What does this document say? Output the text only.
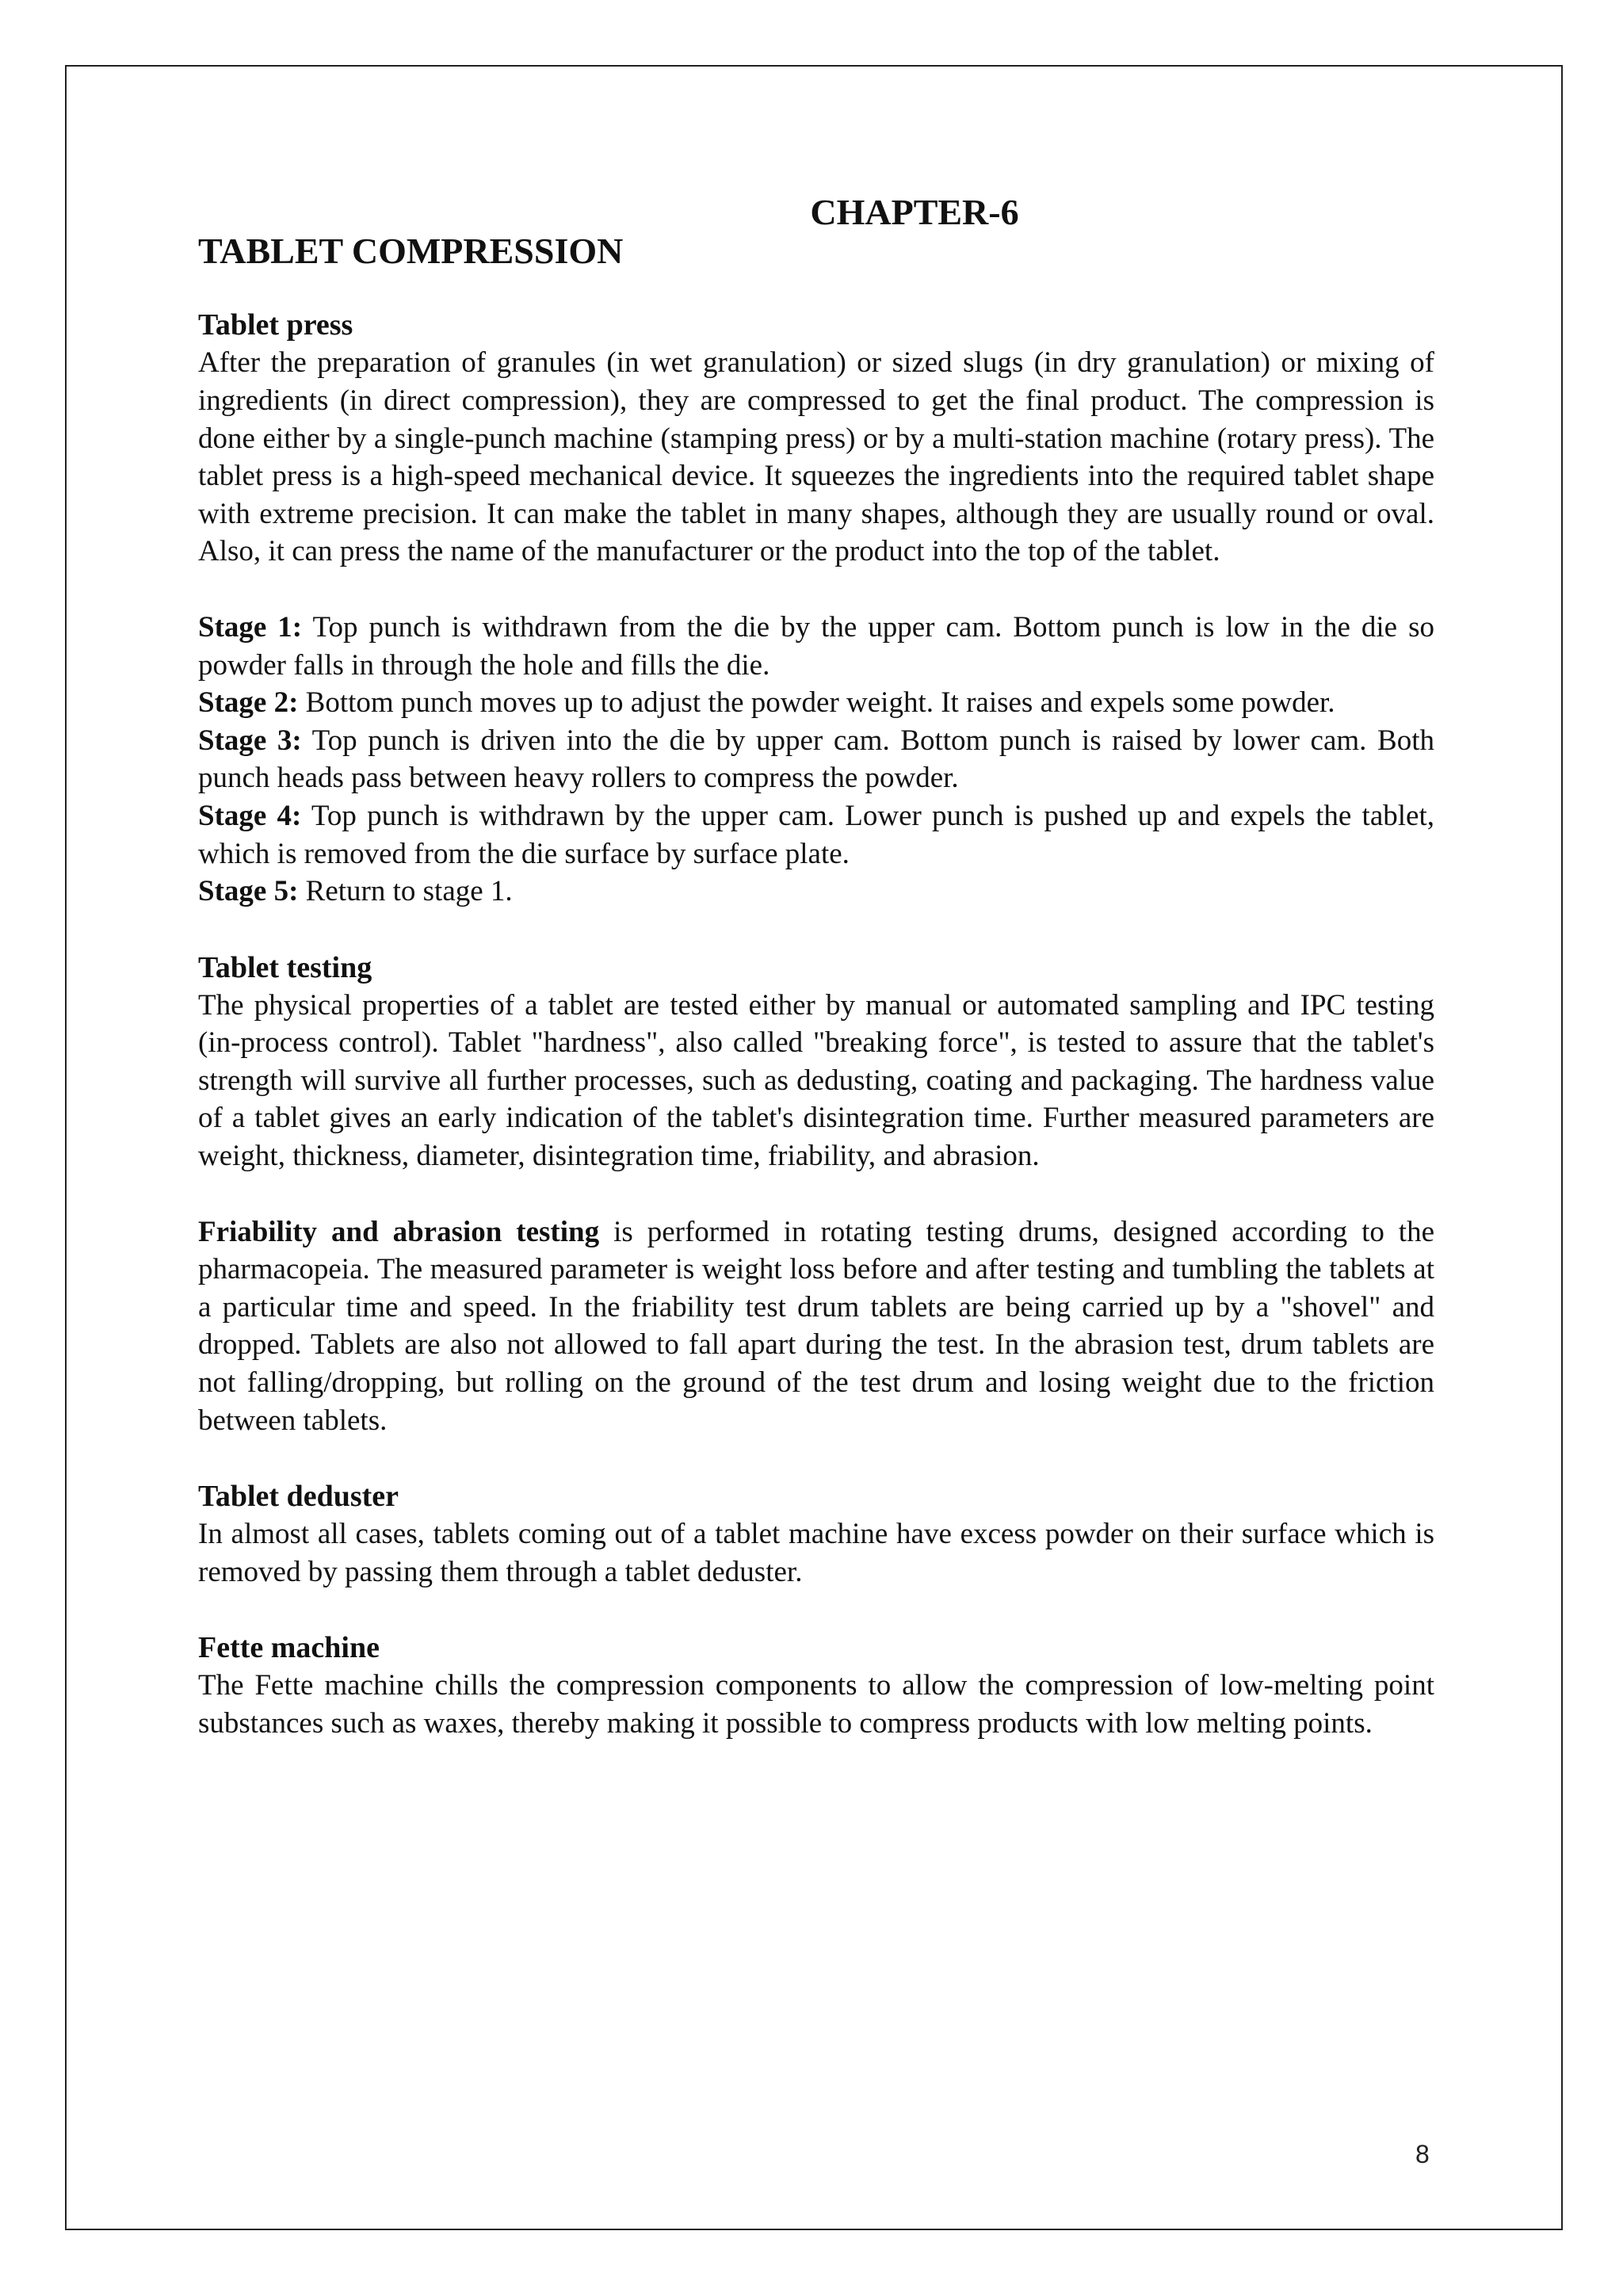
CHAPTER-6

TABLET COMPRESSION

Tablet press

After the preparation of granules (in wet granulation) or sized slugs (in dry granulation) or mixing of ingredients (in direct compression), they are compressed to get the final product. The compression is done either by a single-punch machine (stamping press) or by a multi-station machine (rotary press). The tablet press is a high-speed mechanical device. It squeezes the ingredients into the required tablet shape with extreme precision. It can make the tablet in many shapes, although they are usually round or oval. Also, it can press the name of the manufacturer or the product into the top of the tablet.

Stage 1: Top punch is withdrawn from the die by the upper cam. Bottom punch is low in the die so powder falls in through the hole and fills the die.

Stage 2: Bottom punch moves up to adjust the powder weight. It raises and expels some powder.

Stage 3: Top punch is driven into the die by upper cam. Bottom punch is raised by lower cam. Both punch heads pass between heavy rollers to compress the powder.

Stage 4: Top punch is withdrawn by the upper cam. Lower punch is pushed up and expels the tablet, which is removed from the die surface by surface plate.

Stage 5: Return to stage 1.

Tablet testing

The physical properties of a tablet are tested either by manual or automated sampling and IPC testing (in-process control). Tablet "hardness", also called "breaking force", is tested to assure that the tablet's strength will survive all further processes, such as dedusting, coating and packaging. The hardness value of a tablet gives an early indication of the tablet's disintegration time. Further measured parameters are weight, thickness, diameter, disintegration time, friability, and abrasion.

Friability and abrasion testing is performed in rotating testing drums, designed according to the pharmacopeia. The measured parameter is weight loss before and after testing and tumbling the tablets at a particular time and speed. In the friability test drum tablets are being carried up by a "shovel" and dropped. Tablets are also not allowed to fall apart during the test. In the abrasion test, drum tablets are not falling/dropping, but rolling on the ground of the test drum and losing weight due to the friction between tablets.

Tablet deduster

In almost all cases, tablets coming out of a tablet machine have excess powder on their surface which is removed by passing them through a tablet deduster.

Fette machine

The Fette machine chills the compression components to allow the compression of low-melting point substances such as waxes, thereby making it possible to compress products with low melting points.

8
